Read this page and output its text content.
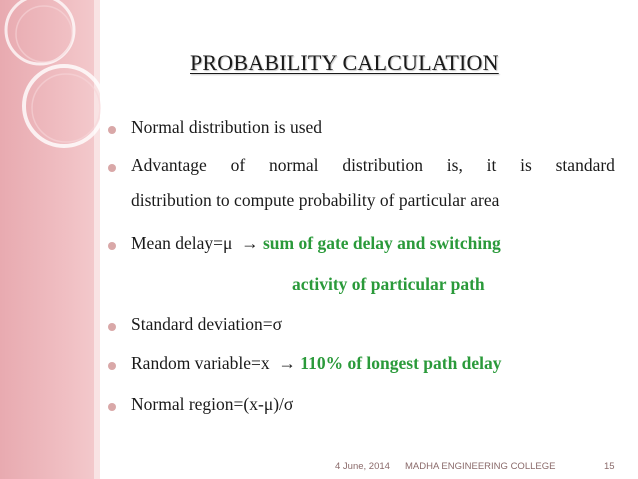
PROBABILITY CALCULATION
Normal distribution is used
Advantage of normal distribution is, it is standard
distribution to compute probability of particular area
Mean delay=μ  → sum of gate delay and switching
activity of particular path
Standard deviation=σ
Random variable=x  → 110% of longest path delay
Normal region=(x-μ)/σ
4 June, 2014 MADHA ENGINEERING COLLEGE	15
